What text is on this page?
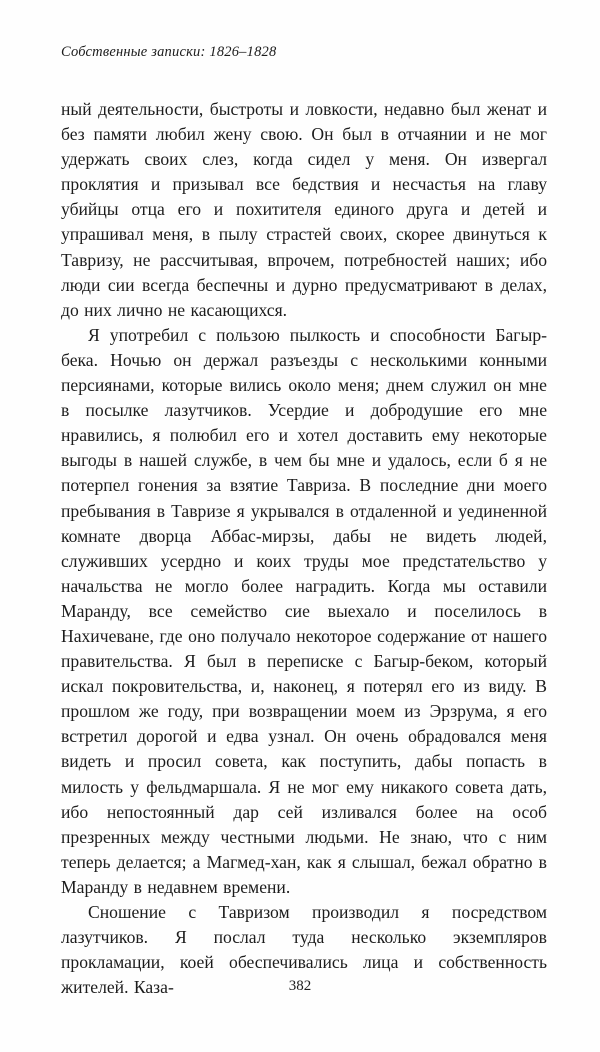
Собственные записки: 1826–1828

ный деятельности, быстроты и ловкости, недавно был женат и без памяти любил жену свою. Он был в отчаянии и не мог удержать своих слез, когда сидел у меня. Он извергал проклятия и призывал все бедствия и несчастья на главу убийцы отца его и похитителя единого друга и детей и упрашивал меня, в пылу страстей своих, скорее двинуться к Тавризу, не рассчитывая, впрочем, потребностей наших; ибо люди сии всегда беспечны и дурно предусматривают в делах, до них лично не касающихся.

Я употребил с пользою пылкость и способности Багыр-бека. Ночью он держал разъезды с несколькими конными персиянами, которые вились около меня; днем служил он мне в посылке лазутчиков. Усердие и добродушие его мне нравились, я полюбил его и хотел доставить ему некоторые выгоды в нашей службе, в чем бы мне и удалось, если б я не потерпел гонения за взятие Тавриза. В последние дни моего пребывания в Тавризе я укрывался в отдаленной и уединенной комнате дворца Аббас-мирзы, дабы не видеть людей, служивших усердно и коих труды мое предстательство у начальства не могло более наградить. Когда мы оставили Маранду, все семейство сие выехало и поселилось в Нахичеване, где оно получало некоторое содержание от нашего правительства. Я был в переписке с Багыр-беком, который искал покровительства, и, наконец, я потерял его из виду. В прошлом же году, при возвращении моем из Эрзрума, я его встретил дорогой и едва узнал. Он очень обрадовался меня видеть и просил совета, как поступить, дабы попасть в милость у фельдмаршала. Я не мог ему никакого совета дать, ибо непостоянный дар сей изливался более на особ презренных между честными людьми. Не знаю, что с ним теперь делается; а Магмед-хан, как я слышал, бежал обратно в Маранду в недавнем времени.

Сношение с Тавризом производил я посредством лазутчиков. Я послал туда несколько экземпляров прокламации, коей обеспечивались лица и собственность жителей. Каза-	382
